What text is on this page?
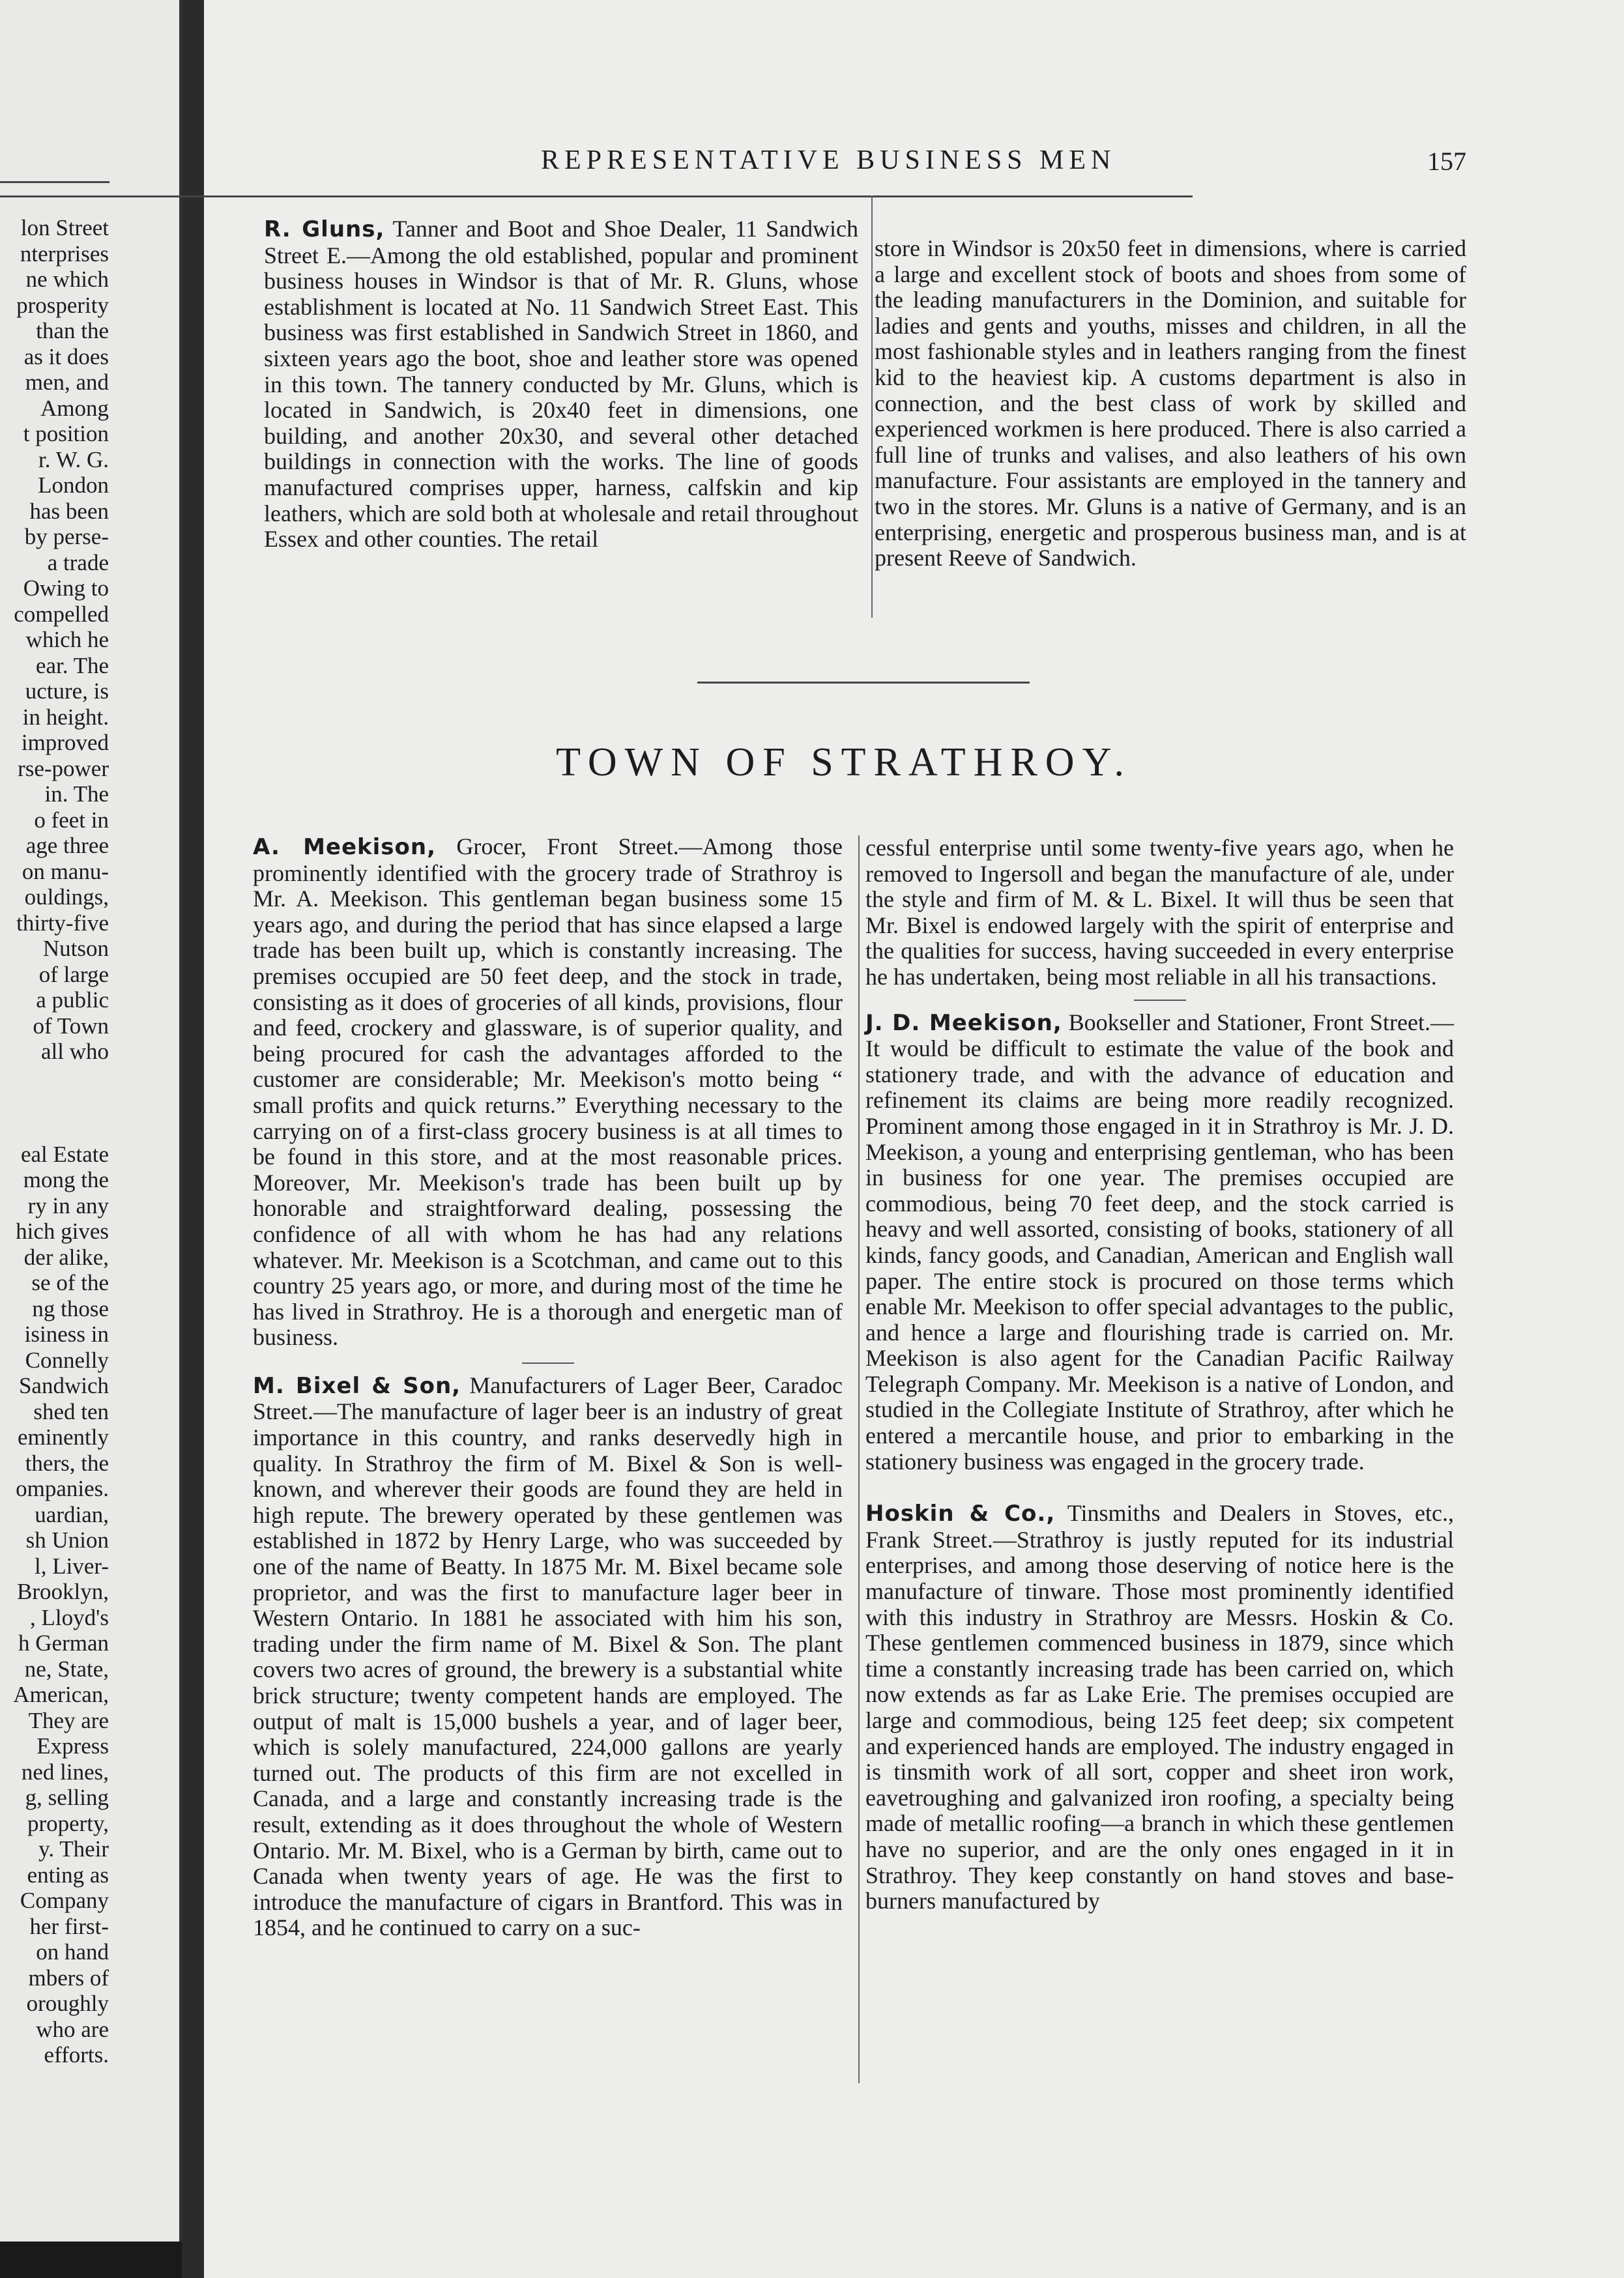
lon Street
nterprises
ne which
prosperity
than the
as it does
men, and
Among
t position
r. W. G.
London
has been
by perse-
a trade
Owing to
compelled
which he
ear. The
ucture, is
in height.
improved
rse-power
in. The
o feet in
age three
on manu-
ouldings,
thirty-five
Nutson
of large
a public
of Town
all who
eal Estate
mong the
ry in any
hich gives
der alike,
se of the
ng those
isiness in
Connelly
Sandwich
shed ten
eminently
thers, the
ompanies.
uardian,
sh Union
l, Liver-
Brooklyn,
, Lloyd's
h German
ne, State,
American,
They are
Express
ned lines,
g, selling
property,
y. Their
enting as
Company
her first-
on hand
mbers of
oroughly
who are
efforts.
REPRESENTATIVE BUSINESS MEN	157

R. Gluns, Tanner and Boot and Shoe Dealer, 11 Sandwich Street E.—Among the old established, popular and prominent business houses in Windsor is that of Mr. R. Gluns, whose establishment is located at No. 11 Sandwich Street East. This business was first established in Sandwich Street in 1860, and sixteen years ago the boot, shoe and leather store was opened in this town. The tannery conducted by Mr. Gluns, which is located in Sandwich, is 20x40 feet in dimensions, one building, and another 20x30, and several other detached buildings in connection with the works. The line of goods manufactured comprises upper, harness, calfskin and kip leathers, which are sold both at wholesale and retail throughout Essex and other counties. The retail

store in Windsor is 20x50 feet in dimensions, where is carried a large and excellent stock of boots and shoes from some of the leading manufacturers in the Dominion, and suitable for ladies and gents and youths, misses and children, in all the most fashionable styles and in leathers ranging from the finest kid to the heaviest kip. A customs department is also in connection, and the best class of work by skilled and experienced workmen is here produced. There is also carried a full line of trunks and valises, and also leathers of his own manufacture. Four assistants are employed in the tannery and two in the stores. Mr. Gluns is a native of Germany, and is an enterprising, energetic and prosperous business man, and is at present Reeve of Sandwich.

TOWN OF STRATHROY.

A. Meekison, Grocer, Front Street.—Among those prominently identified with the grocery trade of Strathroy is Mr. A. Meekison. This gentleman began business some 15 years ago, and during the period that has since elapsed a large trade has been built up, which is constantly increasing. The premises occupied are 50 feet deep, and the stock in trade, consisting as it does of groceries of all kinds, provisions, flour and feed, crockery and glassware, is of superior quality, and being procured for cash the advantages afforded to the customer are considerable; Mr. Meekison's motto being “ small profits and quick returns.” Everything necessary to the carrying on of a first-class grocery business is at all times to be found in this store, and at the most reasonable prices. Moreover, Mr. Meekison's trade has been built up by honorable and straightforward dealing, possessing the confidence of all with whom he has had any relations whatever. Mr. Meekison is a Scotchman, and came out to this country 25 years ago, or more, and during most of the time he has lived in Strathroy. He is a thorough and energetic man of business.

M. Bixel & Son, Manufacturers of Lager Beer, Caradoc Street.—The manufacture of lager beer is an industry of great importance in this country, and ranks deservedly high in quality. In Strathroy the firm of M. Bixel & Son is well-known, and wherever their goods are found they are held in high repute. The brewery operated by these gentlemen was established in 1872 by Henry Large, who was succeeded by one of the name of Beatty. In 1875 Mr. M. Bixel became sole proprietor, and was the first to manufacture lager beer in Western Ontario. In 1881 he associated with him his son, trading under the firm name of M. Bixel & Son. The plant covers two acres of ground, the brewery is a substantial white brick structure; twenty competent hands are employed. The output of malt is 15,000 bushels a year, and of lager beer, which is solely manufactured, 224,000 gallons are yearly turned out. The products of this firm are not excelled in Canada, and a large and constantly increasing trade is the result, extending as it does throughout the whole of Western Ontario. Mr. M. Bixel, who is a German by birth, came out to Canada when twenty years of age. He was the first to introduce the manufacture of cigars in Brantford. This was in 1854, and he continued to carry on a suc-

cessful enterprise until some twenty-five years ago, when he removed to Ingersoll and began the manufacture of ale, under the style and firm of M. & L. Bixel. It will thus be seen that Mr. Bixel is endowed largely with the spirit of enterprise and the qualities for success, having succeeded in every enterprise he has undertaken, being most reliable in all his transactions.

J. D. Meekison, Bookseller and Stationer, Front Street.—It would be difficult to estimate the value of the book and stationery trade, and with the advance of education and refinement its claims are being more readily recognized. Prominent among those engaged in it in Strathroy is Mr. J. D. Meekison, a young and enterprising gentleman, who has been in business for one year. The premises occupied are commodious, being 70 feet deep, and the stock carried is heavy and well assorted, consisting of books, stationery of all kinds, fancy goods, and Canadian, American and English wall paper. The entire stock is procured on those terms which enable Mr. Meekison to offer special advantages to the public, and hence a large and flourishing trade is carried on. Mr. Meekison is also agent for the Canadian Pacific Railway Telegraph Company. Mr. Meekison is a native of London, and studied in the Collegiate Institute of Strathroy, after which he entered a mercantile house, and prior to embarking in the stationery business was engaged in the grocery trade.

Hoskin & Co., Tinsmiths and Dealers in Stoves, etc., Frank Street.—Strathroy is justly reputed for its industrial enterprises, and among those deserving of notice here is the manufacture of tinware. Those most prominently identified with this industry in Strathroy are Messrs. Hoskin & Co. These gentlemen commenced business in 1879, since which time a constantly increasing trade has been carried on, which now extends as far as Lake Erie. The premises occupied are large and commodious, being 125 feet deep; six competent and experienced hands are employed. The industry engaged in is tinsmith work of all sort, copper and sheet iron work, eavetroughing and galvanized iron roofing, a specialty being made of metallic roofing—a branch in which these gentlemen have no superior, and are the only ones engaged in it in Strathroy. They keep constantly on hand stoves and base-burners manufactured by
